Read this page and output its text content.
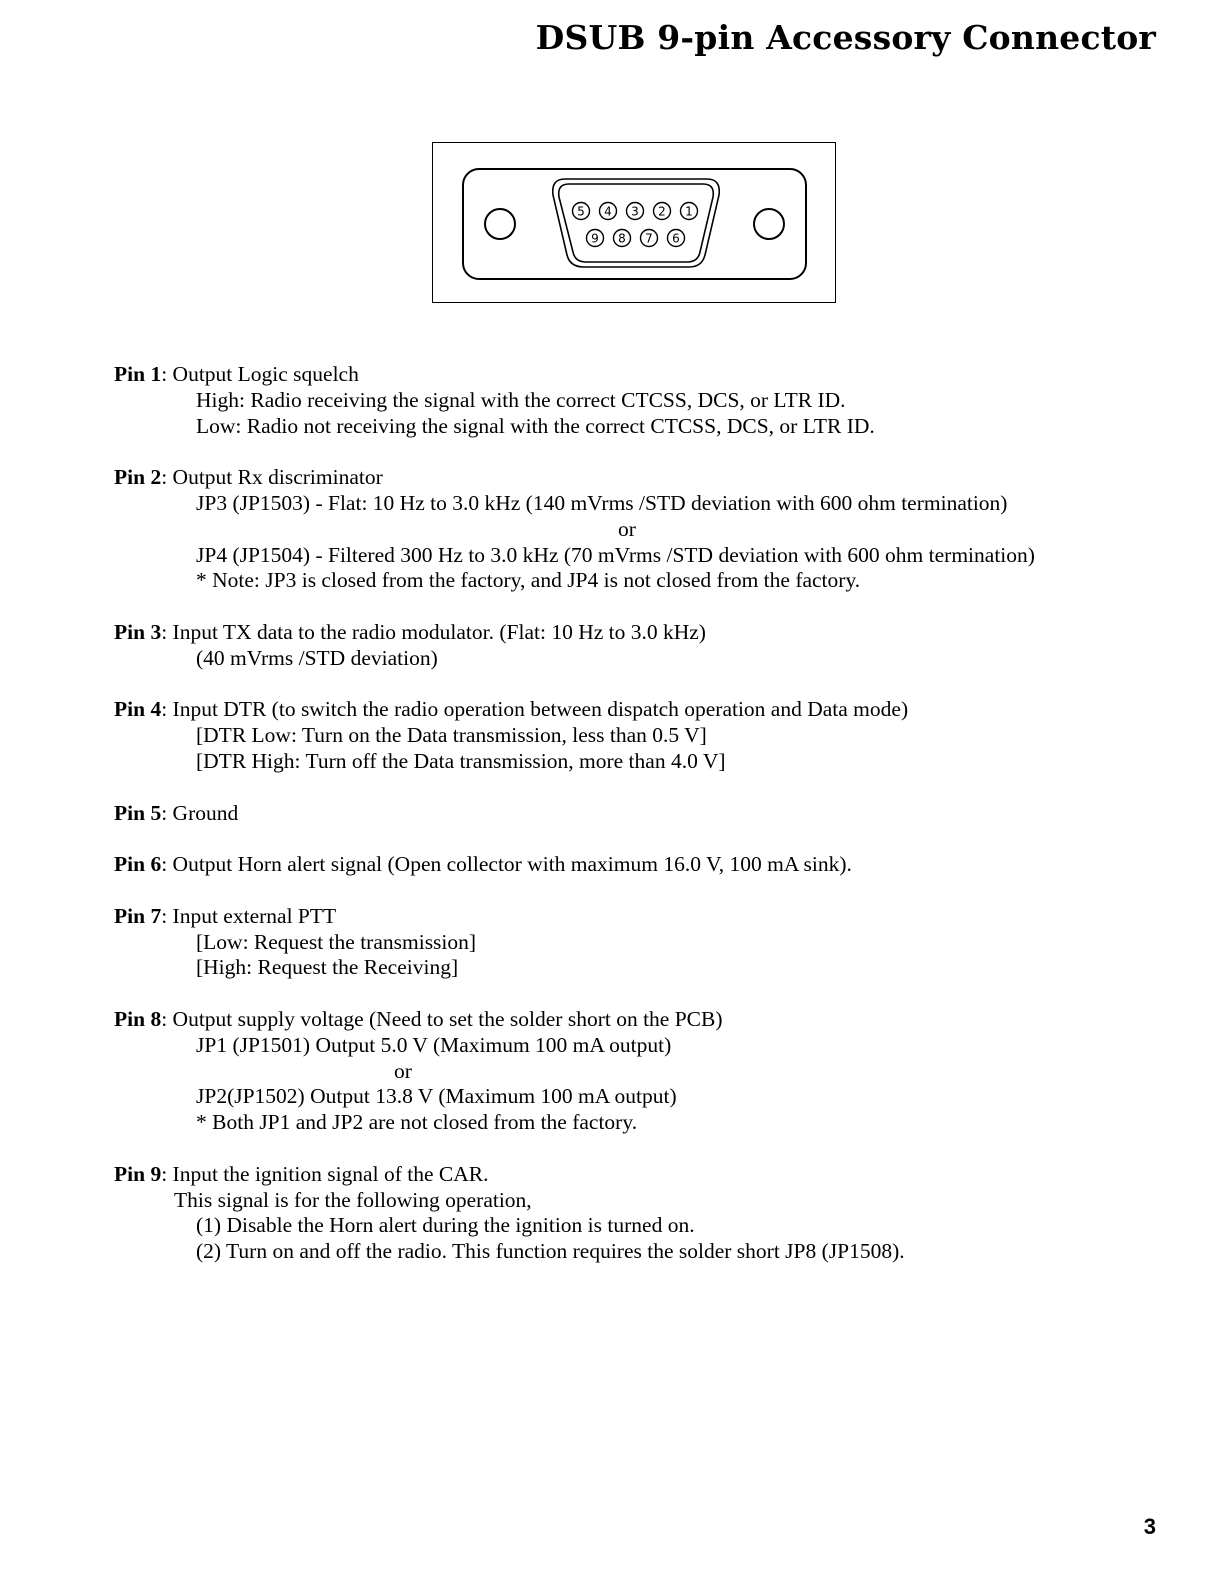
DSUB 9-pin Accessory Connector
5 4 3 2 1
9 8 7 6

Pin 1: Output Logic squelch

High: Radio receiving the signal with the correct CTCSS, DCS, or LTR ID.

Low: Radio not receiving the signal with the correct CTCSS, DCS, or LTR ID.

Pin 2: Output Rx discriminator

JP3 (JP1503) - Flat: 10 Hz to 3.0 kHz (140 mVrms /STD deviation with 600 ohm termination)

or

JP4 (JP1504) - Filtered 300 Hz to 3.0 kHz (70 mVrms /STD deviation with 600 ohm termination)

* Note: JP3 is closed from the factory, and JP4 is not closed from the factory.

Pin 3: Input TX data to the radio modulator. (Flat: 10 Hz to 3.0 kHz)

(40 mVrms /STD deviation)

Pin 4: Input DTR (to switch the radio operation between dispatch operation and Data mode)

[DTR Low: Turn on the Data transmission, less than 0.5 V]

[DTR High: Turn off the Data transmission, more than 4.0 V]

Pin 5: Ground

Pin 6: Output Horn alert signal (Open collector with maximum 16.0 V, 100 mA sink).

Pin 7: Input external PTT

[Low: Request the transmission]

[High: Request the Receiving]

Pin 8: Output supply voltage (Need to set the solder short on the PCB)

JP1 (JP1501) Output 5.0 V (Maximum 100 mA output)

or

JP2(JP1502) Output 13.8 V (Maximum 100 mA output)

* Both JP1 and JP2 are not closed from the factory.

Pin 9: Input the ignition signal of the CAR.

This signal is for the following operation,

(1) Disable the Horn alert during the ignition is turned on.

(2) Turn on and off the radio. This function requires the solder short JP8 (JP1508).

3
